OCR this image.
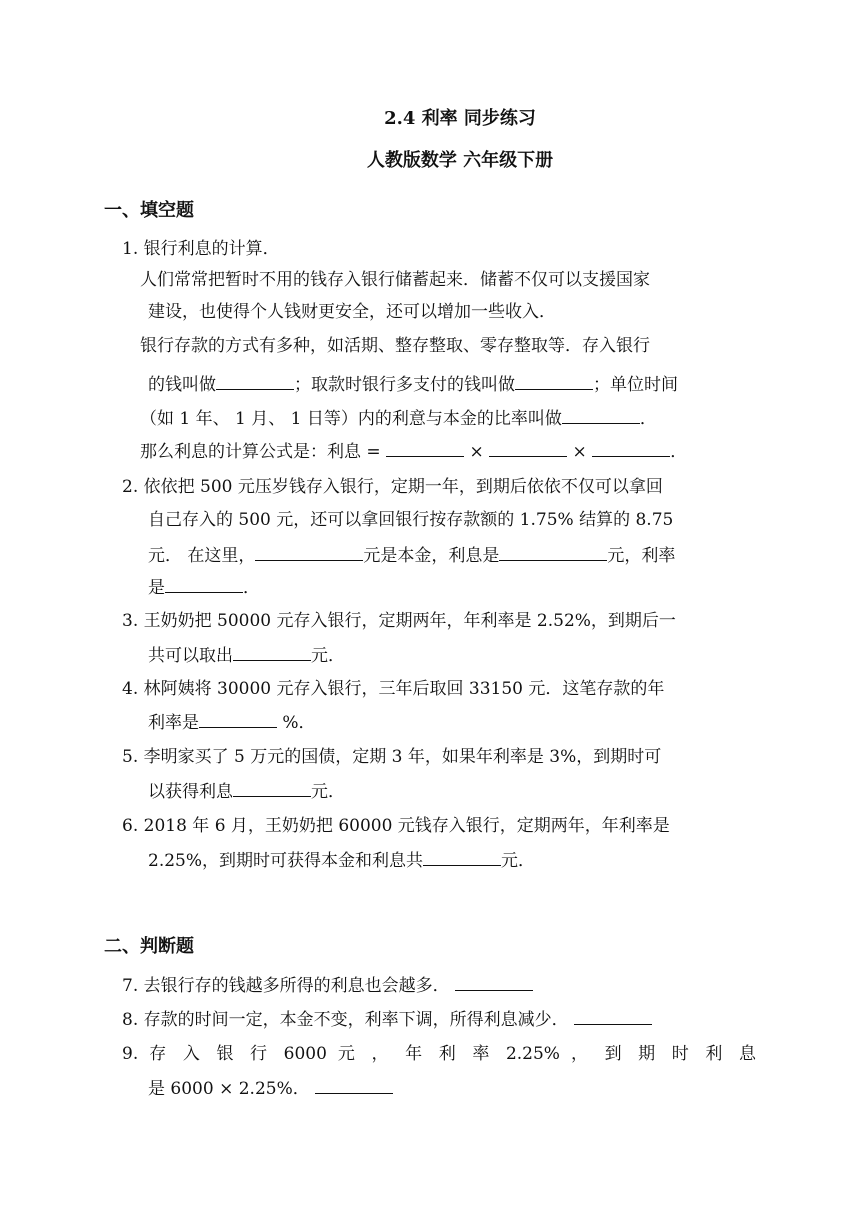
2.4 利率 同步练习
人教版数学 六年级下册
一、填空题
1. 银行利息的计算．
人们常常把暂时不用的钱存入银行储蓄起来．储蓄不仅可以支援国家
建设，也使得个人钱财更安全，还可以增加一些收入．
银行存款的方式有多种，如活期、整存整取、零存整取等．存入银行
的钱叫做	；取款时银行多支付的钱叫做	；单位时间
（如 1 年、 1 月、 1 日等）内的利意与本金的比率叫做	．
那么利息的计算公式是：利息 =	×	×	．
2. 依依把 500 元压岁钱存入银行，定期一年，到期后依依不仅可以拿回
自己存入的 500 元，还可以拿回银行按存款额的 1.75% 结算的 8.75
元． 在这里，	元是本金，利息是	元，利率
是	．
3. 王奶奶把 50000 元存入银行，定期两年，年利率是 2.52%，到期后一
共可以取出	元．
4. 林阿姨将 30000 元存入银行，三年后取回 33150 元．这笔存款的年
利率是	%．
5. 李明家买了 5 万元的国债，定期 3 年，如果年利率是 3%，到期时可
以获得利息	元．
6. 2018 年 6 月，王奶奶把 60000 元钱存入银行，定期两年，年利率是
2.25%，到期时可获得本金和利息共	元．
二、判断题
7. 去银行存的钱越多所得的利息也会越多．
8. 存款的时间一定，本金不变，利率下调，所得利息减少．
9. 存 入 银 行 6000 元 ， 年 利 率 2.25% ， 到 期 时 利 息
是 6000 × 2.25%．
